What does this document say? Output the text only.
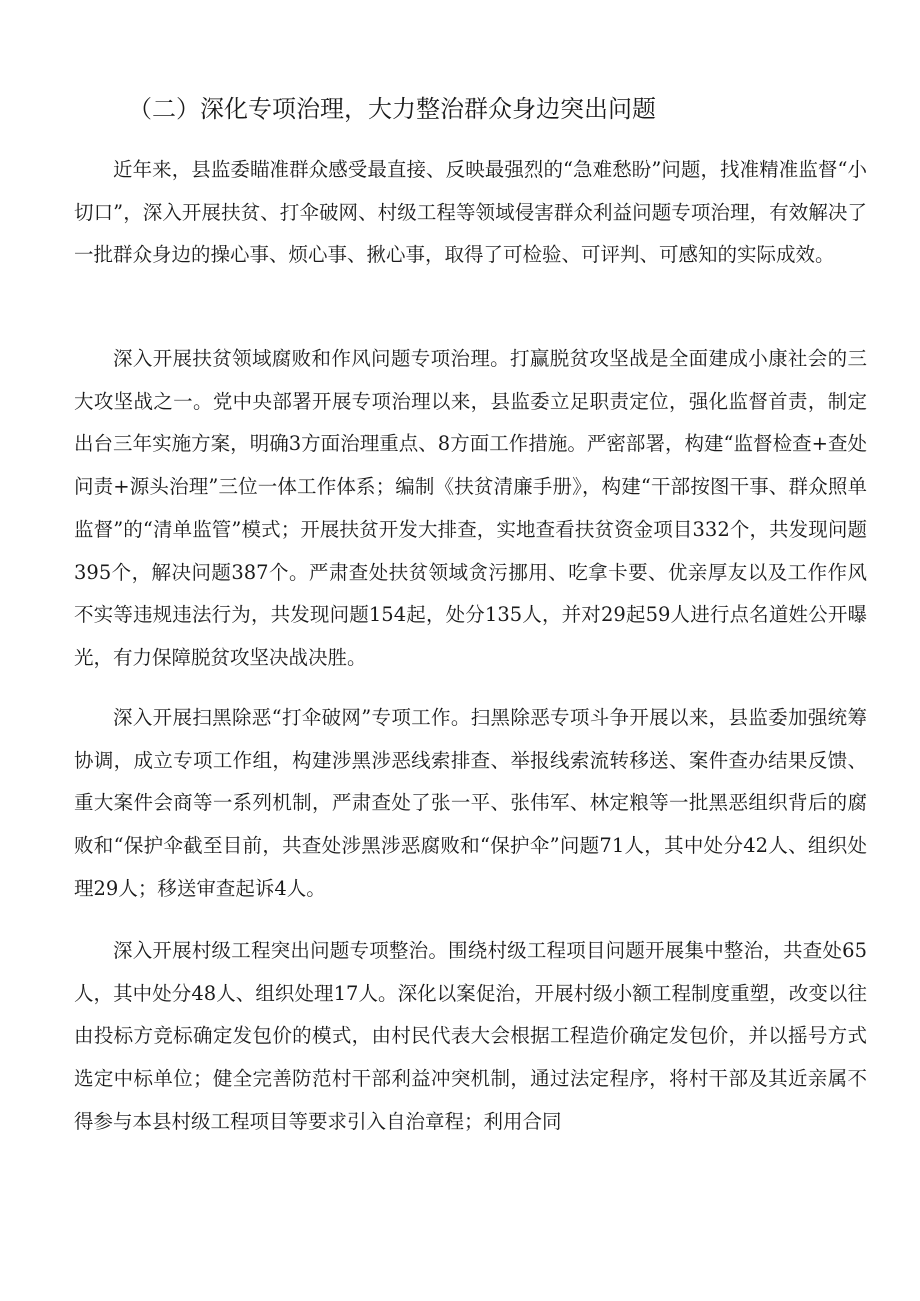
（二）深化专项治理，大力整治群众身边突出问题

近年来，县监委瞄准群众感受最直接、反映最强烈的“急难愁盼”问题，找准精准监督“小切口”，深入开展扶贫、打伞破网、村级工程等领域侵害群众利益问题专项治理，有效解决了一批群众身边的操心事、烦心事、揪心事，取得了可检验、可评判、可感知的实际成效。

深入开展扶贫领域腐败和作风问题专项治理。打赢脱贫攻坚战是全面建成小康社会的三大攻坚战之一。党中央部署开展专项治理以来，县监委立足职责定位，强化监督首责，制定出台三年实施方案，明确3方面治理重点、8方面工作措施。严密部署，构建“监督检查+查处问责+源头治理”三位一体工作体系；编制《扶贫清廉手册》，构建“干部按图干事、群众照单监督”的“清单监管”模式；开展扶贫开发大排查，实地查看扶贫资金项目332个，共发现问题395个，解决问题387个。严肃查处扶贫领域贪污挪用、吃拿卡要、优亲厚友以及工作作风不实等违规违法行为，共发现问题154起，处分135人，并对29起59人进行点名道姓公开曝光，有力保障脱贫攻坚决战决胜。

深入开展扫黑除恶“打伞破网”专项工作。扫黑除恶专项斗争开展以来，县监委加强统筹协调，成立专项工作组，构建涉黑涉恶线索排查、举报线索流转移送、案件查办结果反馈、重大案件会商等一系列机制，严肃查处了张一平、张伟军、林定粮等一批黑恶组织背后的腐败和“保护伞截至目前，共查处涉黑涉恶腐败和“保护伞”问题71人，其中处分42人、组织处理29人；移送审查起诉4人。

深入开展村级工程突出问题专项整治。围绕村级工程项目问题开展集中整治，共查处65人，其中处分48人、组织处理17人。深化以案促治，开展村级小额工程制度重塑，改变以往由投标方竞标确定发包价的模式，由村民代表大会根据工程造价确定发包价，并以摇号方式选定中标单位；健全完善防范村干部利益冲突机制，通过法定程序，将村干部及其近亲属不得参与本县村级工程项目等要求引入自治章程；利用合同
